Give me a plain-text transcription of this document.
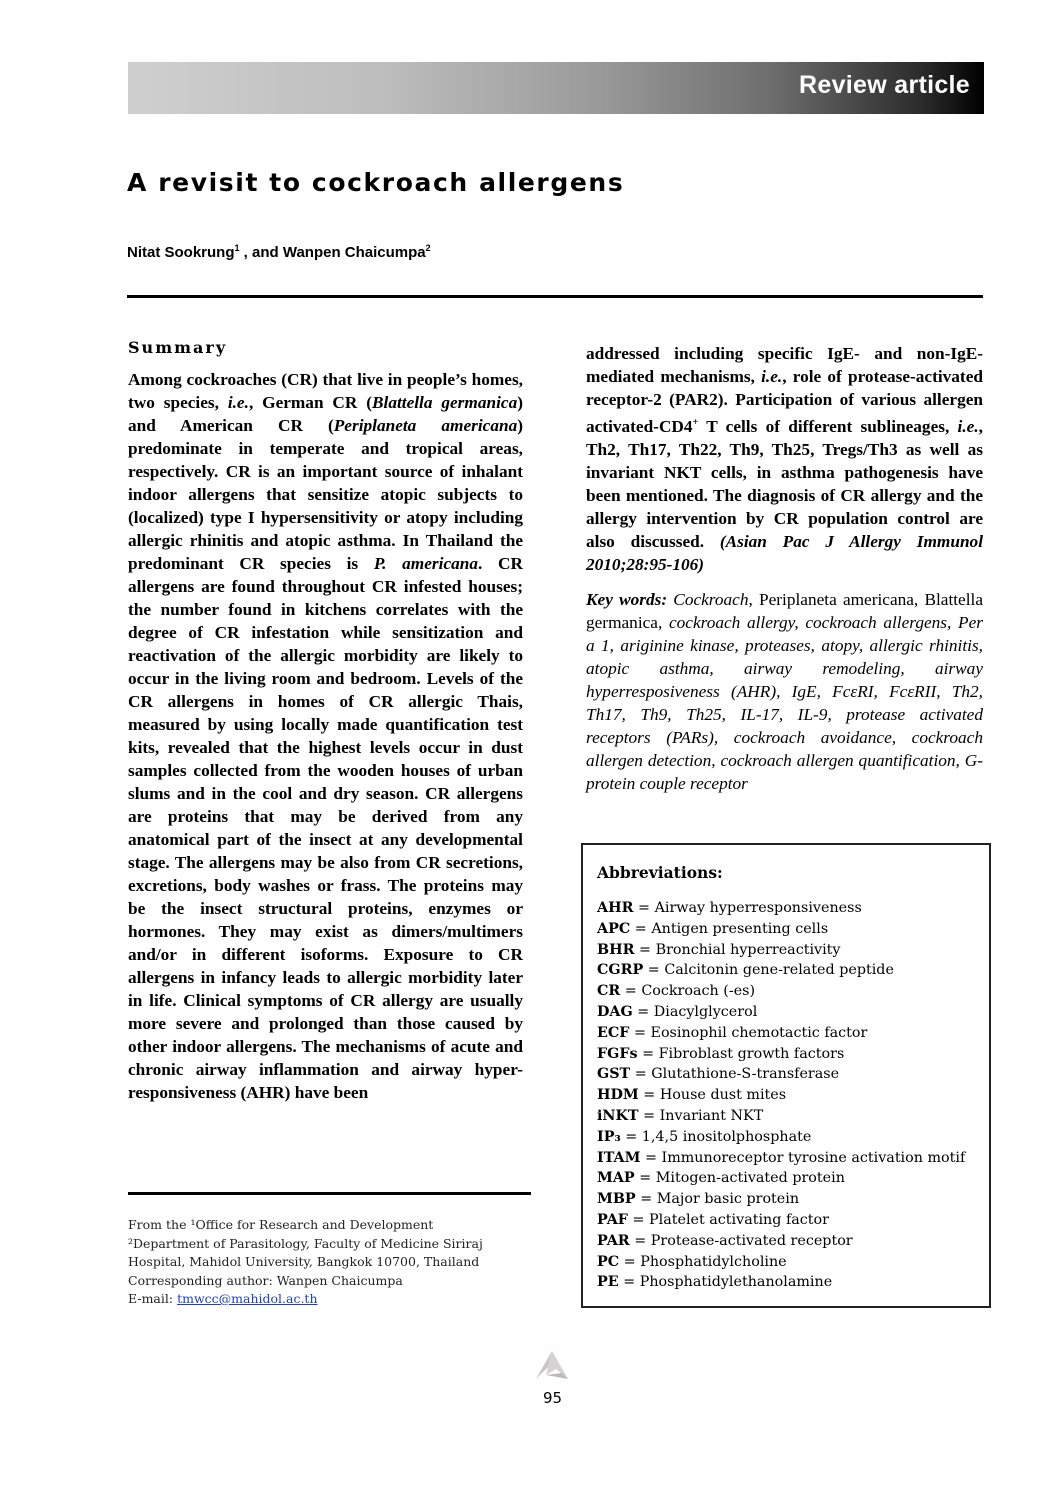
Review article
A revisit to cockroach allergens
Nitat Sookrung$^1$ , and Wanpen Chaicumpa$^2$
Summary

Among cockroaches (CR) that live in people’s homes, two species, i.e., German CR (Blattella germanica) and American CR (Periplaneta americana) predominate in temperate and tropical areas, respectively. CR is an important source of inhalant indoor allergens that sensitize atopic subjects to (localized) type I hypersensitivity or atopy including allergic rhinitis and atopic asthma. In Thailand the predominant CR species is P. americana. CR allergens are found throughout CR infested houses; the number found in kitchens correlates with the degree of CR infestation while sensitization and reactivation of the allergic morbidity are likely to occur in the living room and bedroom. Levels of the CR allergens in homes of CR allergic Thais, measured by using locally made quantification test kits, revealed that the highest levels occur in dust samples collected from the wooden houses of urban slums and in the cool and dry season. CR allergens are proteins that may be derived from any anatomical part of the insect at any developmental stage. The allergens may be also from CR secretions, excretions, body washes or frass. The proteins may be the insect structural proteins, enzymes or hormones. They may exist as dimers/multimers and/or in different isoforms. Exposure to CR allergens in infancy leads to allergic morbidity later in life. Clinical symptoms of CR allergy are usually more severe and prolonged than those caused by other indoor allergens. The mechanisms of acute and chronic airway inflammation and airway hyper-responsiveness (AHR) have been

From the ¹Office for Research and Development
²Department of Parasitology, Faculty of Medicine Siriraj
Hospital, Mahidol University, Bangkok 10700, Thailand
Corresponding author: Wanpen Chaicumpa
E-mail: tmwcc@mahidol.ac.th

addressed including specific IgE- and non-IgE-mediated mechanisms, i.e., role of protease-activated receptor-2 (PAR2). Participation of various allergen activated-CD4+ T cells of different sublineages, i.e., Th2, Th17, Th22, Th9, Th25, Tregs/Th3 as well as invariant NKT cells, in asthma pathogenesis have been mentioned. The diagnosis of CR allergy and the allergy intervention by CR population control are also discussed. (Asian Pac J Allergy Immunol 2010;28:95-106)

Key words: Cockroach, Periplaneta americana, Blattella germanica, cockroach allergy, cockroach allergens, Per a 1, ariginine kinase, proteases, atopy, allergic rhinitis, atopic asthma, airway remodeling, airway hyperresposiveness (AHR), IgE, FcεRI, FcεRII, Th2, Th17, Th9, Th25, IL-17, IL-9, protease activated receptors (PARs), cockroach avoidance, cockroach allergen detection, cockroach allergen quantification, G-protein couple receptor

Abbreviations:
AHR = Airway hyperresponsiveness
APC = Antigen presenting cells
BHR = Bronchial hyperreactivity
CGRP = Calcitonin gene-related peptide
CR = Cockroach (-es)
DAG = Diacylglycerol
ECF = Eosinophil chemotactic factor
FGFs = Fibroblast growth factors
GST = Glutathione-S-transferase
HDM = House dust mites
iNKT = Invariant NKT
IP₃ = 1,4,5 inositolphosphate
ITAM = Immunoreceptor tyrosine activation motif
MAP = Mitogen-activated protein
MBP = Major basic protein
PAF = Platelet activating factor
PAR = Protease-activated receptor
PC = Phosphatidylcholine
PE = Phosphatidylethanolamine
95
